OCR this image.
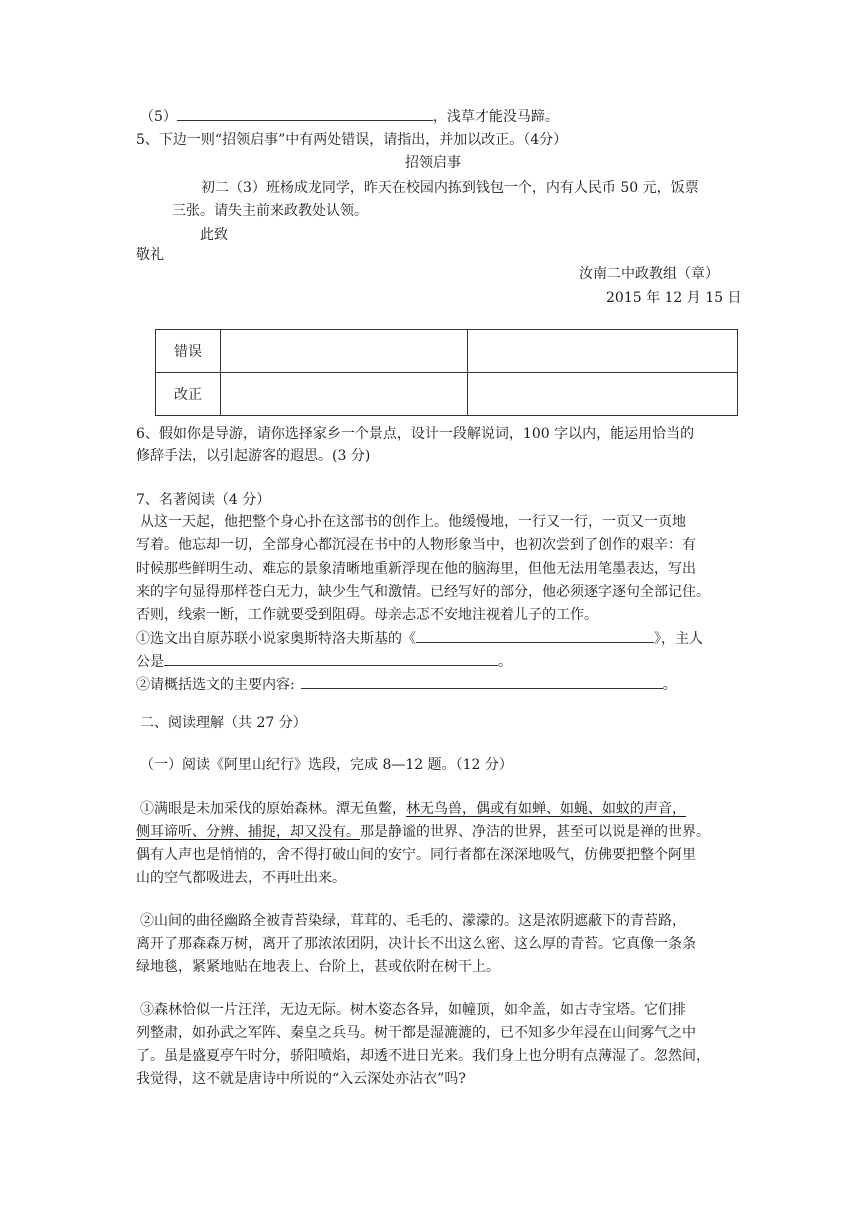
（5）	，浅草才能没马蹄。
5、下边一则“招领启事”中有两处错误，请指出，并加以改正。（4分）
招领启事
初二（3）班杨成龙同学，昨天在校园内拣到钱包一个，内有人民币 50 元，饭票
三张。请失主前来政教处认领。
此致
敬礼
汝南二中政教组（章）
2015 年 12 月 15 日
错误		
改正		
6、假如你是导游，请你选择家乡一个景点，设计一段解说词，100 字以内，能运用恰当的
修辞手法，以引起游客的遐思。(3 分)
7、名著阅读（4 分）
从这一天起，他把整个身心扑在这部书的创作上。他缓慢地，一行又一行，一页又一页地
写着。他忘却一切，全部身心都沉浸在书中的人物形象当中，也初次尝到了创作的艰辛：有
时候那些鲜明生动、难忘的景象清晰地重新浮现在他的脑海里，但他无法用笔墨表达，写出
来的字句显得那样苍白无力，缺少生气和激情。已经写好的部分，他必须逐字逐句全部记住。
否则，线索一断，工作就要受到阻碍。母亲忐忑不安地注视着儿子的工作。
①选文出自原苏联小说家奥斯特洛夫斯基的《	》，主人
公是	。
②请概括选文的主要内容:	。
二、阅读理解（共 27 分）
（一）阅读《阿里山纪行》选段，完成 8—12 题。（12 分）
①满眼是未加采伐的原始森林。潭无鱼鳖，林无鸟兽，偶或有如蝉、如蝇、如蚊的声音，
侧耳谛听、分辨、捕捉，却又没有。那是静谧的世界、净洁的世界，甚至可以说是禅的世界。
偶有人声也是悄悄的，舍不得打破山间的安宁。同行者都在深深地吸气，仿佛要把整个阿里
山的空气都吸进去，不再吐出来。
②山间的曲径幽路全被青苔染绿，茸茸的、毛毛的、濛濛的。这是浓阴遮蔽下的青苔路，
离开了那森森万树，离开了那浓浓团阴，决计长不出这么密、这么厚的青苔。它真像一条条
绿地毯，紧紧地贴在地表上、台阶上，甚或依附在树干上。
③森林恰似一片汪洋，无边无际。树木姿态各异，如幢顶，如伞盖，如古寺宝塔。它们排
列整肃，如孙武之军阵、秦皇之兵马。树干都是湿漉漉的，已不知多少年浸在山间雾气之中
了。虽是盛夏亭午时分，骄阳喷焰，却透不进日光来。我们身上也分明有点薄湿了。忽然间，
我觉得，这不就是唐诗中所说的“入云深处亦沾衣”吗?
